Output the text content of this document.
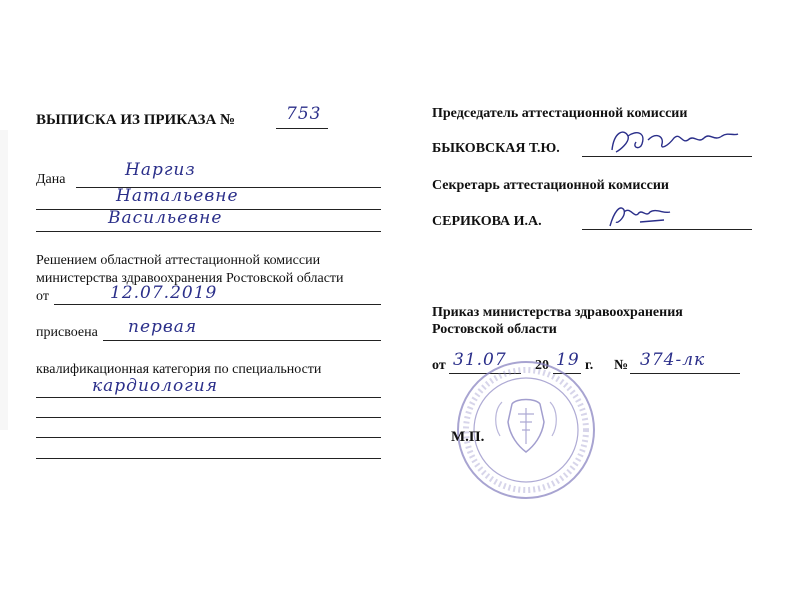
ВЫПИСКА ИЗ ПРИКАЗА №	753
Дана	Наргиз
Натальевне
Васильевне
Решением областной аттестационной комиссии
министерства здравоохранения Ростовской области
от	12.07.2019
присвоена первая
квалификационная категория по специальности
кардиология
Председатель аттестационной комиссии
БЫКОВСКАЯ Т.Ю.
Секретарь аттестационной комиссии
СЕРИКОВА И.А.
Приказ министерства здравоохранения
Ростовской области
от 31.07 20 19 г. № 374-лк
М.П.
